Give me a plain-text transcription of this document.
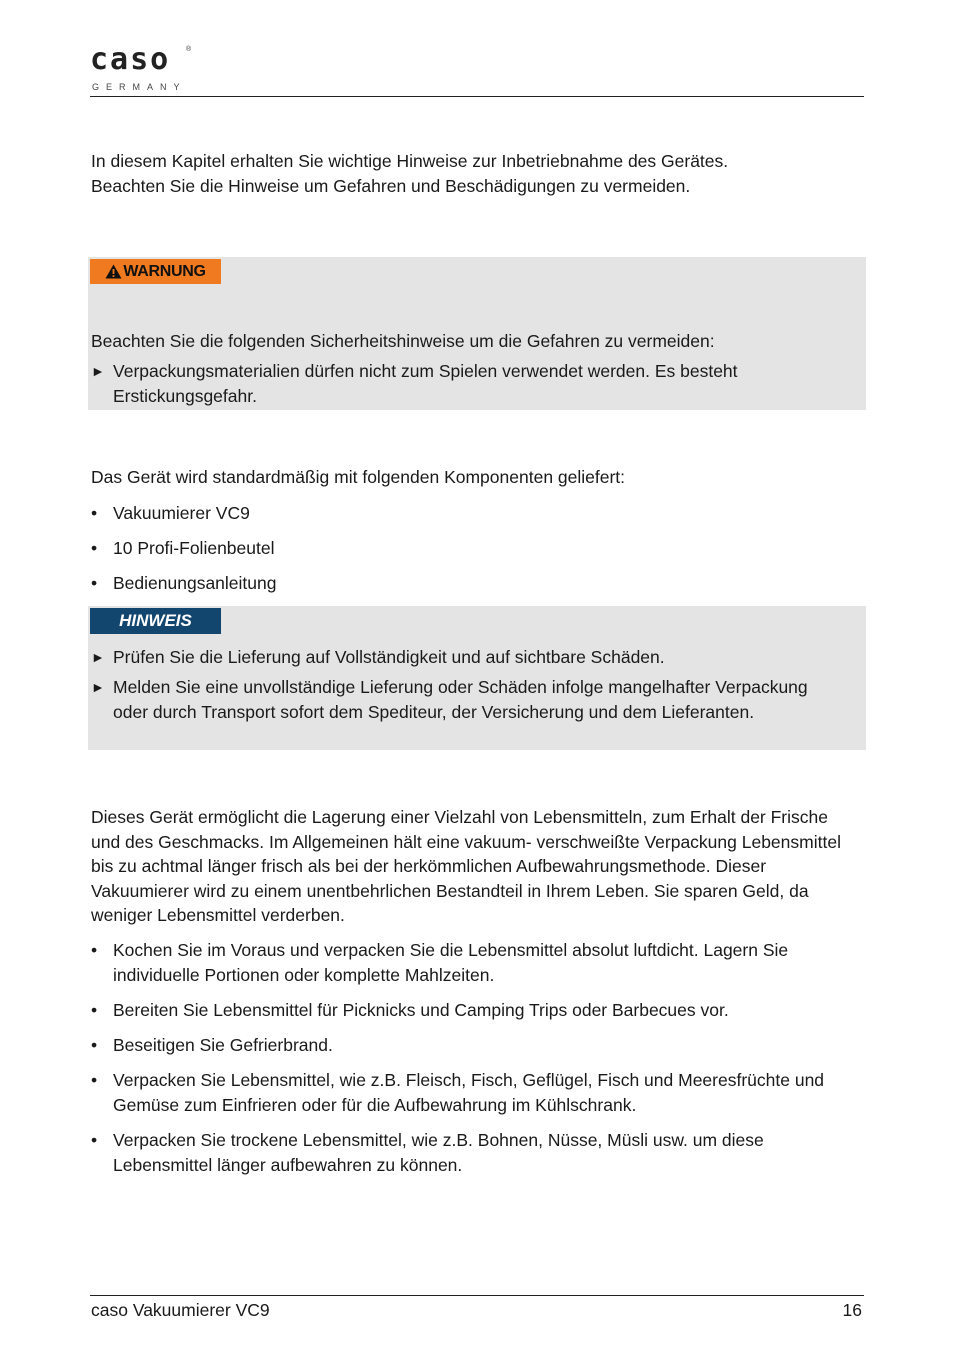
caso ®
GERMANY

In diesem Kapitel erhalten Sie wichtige Hinweise zur Inbetriebnahme des Gerätes.

Beachten Sie die Hinweise um Gefahren und Beschädigungen zu vermeiden.

WARNUNG

Beachten Sie die folgenden Sicherheitshinweise um die Gefahren zu vermeiden:

► Verpackungsmaterialien dürfen nicht zum Spielen verwendet werden. Es besteht Erstickungsgefahr.

Das Gerät wird standardmäßig mit folgenden Komponenten geliefert:

• Vakuumierer VC9
• 10 Profi-Folienbeutel
• Bedienungsanleitung
HINWEIS
► Prüfen Sie die Lieferung auf Vollständigkeit und auf sichtbare Schäden.
► Melden Sie eine unvollständige Lieferung oder Schäden infolge mangelhafter Verpackung oder durch Transport sofort dem Spediteur, der Versicherung und dem Lieferanten.

Dieses Gerät ermöglicht die Lagerung einer Vielzahl von Lebensmitteln, zum Erhalt der Frische und des Geschmacks. Im Allgemeinen hält eine vakuum- verschweißte Verpackung Lebensmittel bis zu achtmal länger frisch als bei der herkömmlichen Aufbewahrungsmethode. Dieser Vakuumierer wird zu einem unentbehrlichen Bestandteil in Ihrem Leben. Sie sparen Geld, da weniger Lebensmittel verderben.

• Kochen Sie im Voraus und verpacken Sie die Lebensmittel absolut luftdicht. Lagern Sie individuelle Portionen oder komplette Mahlzeiten.
• Bereiten Sie Lebensmittel für Picknicks und Camping Trips oder Barbecues vor.
• Beseitigen Sie Gefrierbrand.
• Verpacken Sie Lebensmittel, wie z.B. Fleisch, Fisch, Geflügel, Fisch und Meeresfrüchte und Gemüse zum Einfrieren oder für die Aufbewahrung im Kühlschrank.
• Verpacken Sie trockene Lebensmittel, wie z.B. Bohnen, Nüsse, Müsli usw. um diese Lebensmittel länger aufbewahren zu können.
caso Vakuumierer VC9	16
